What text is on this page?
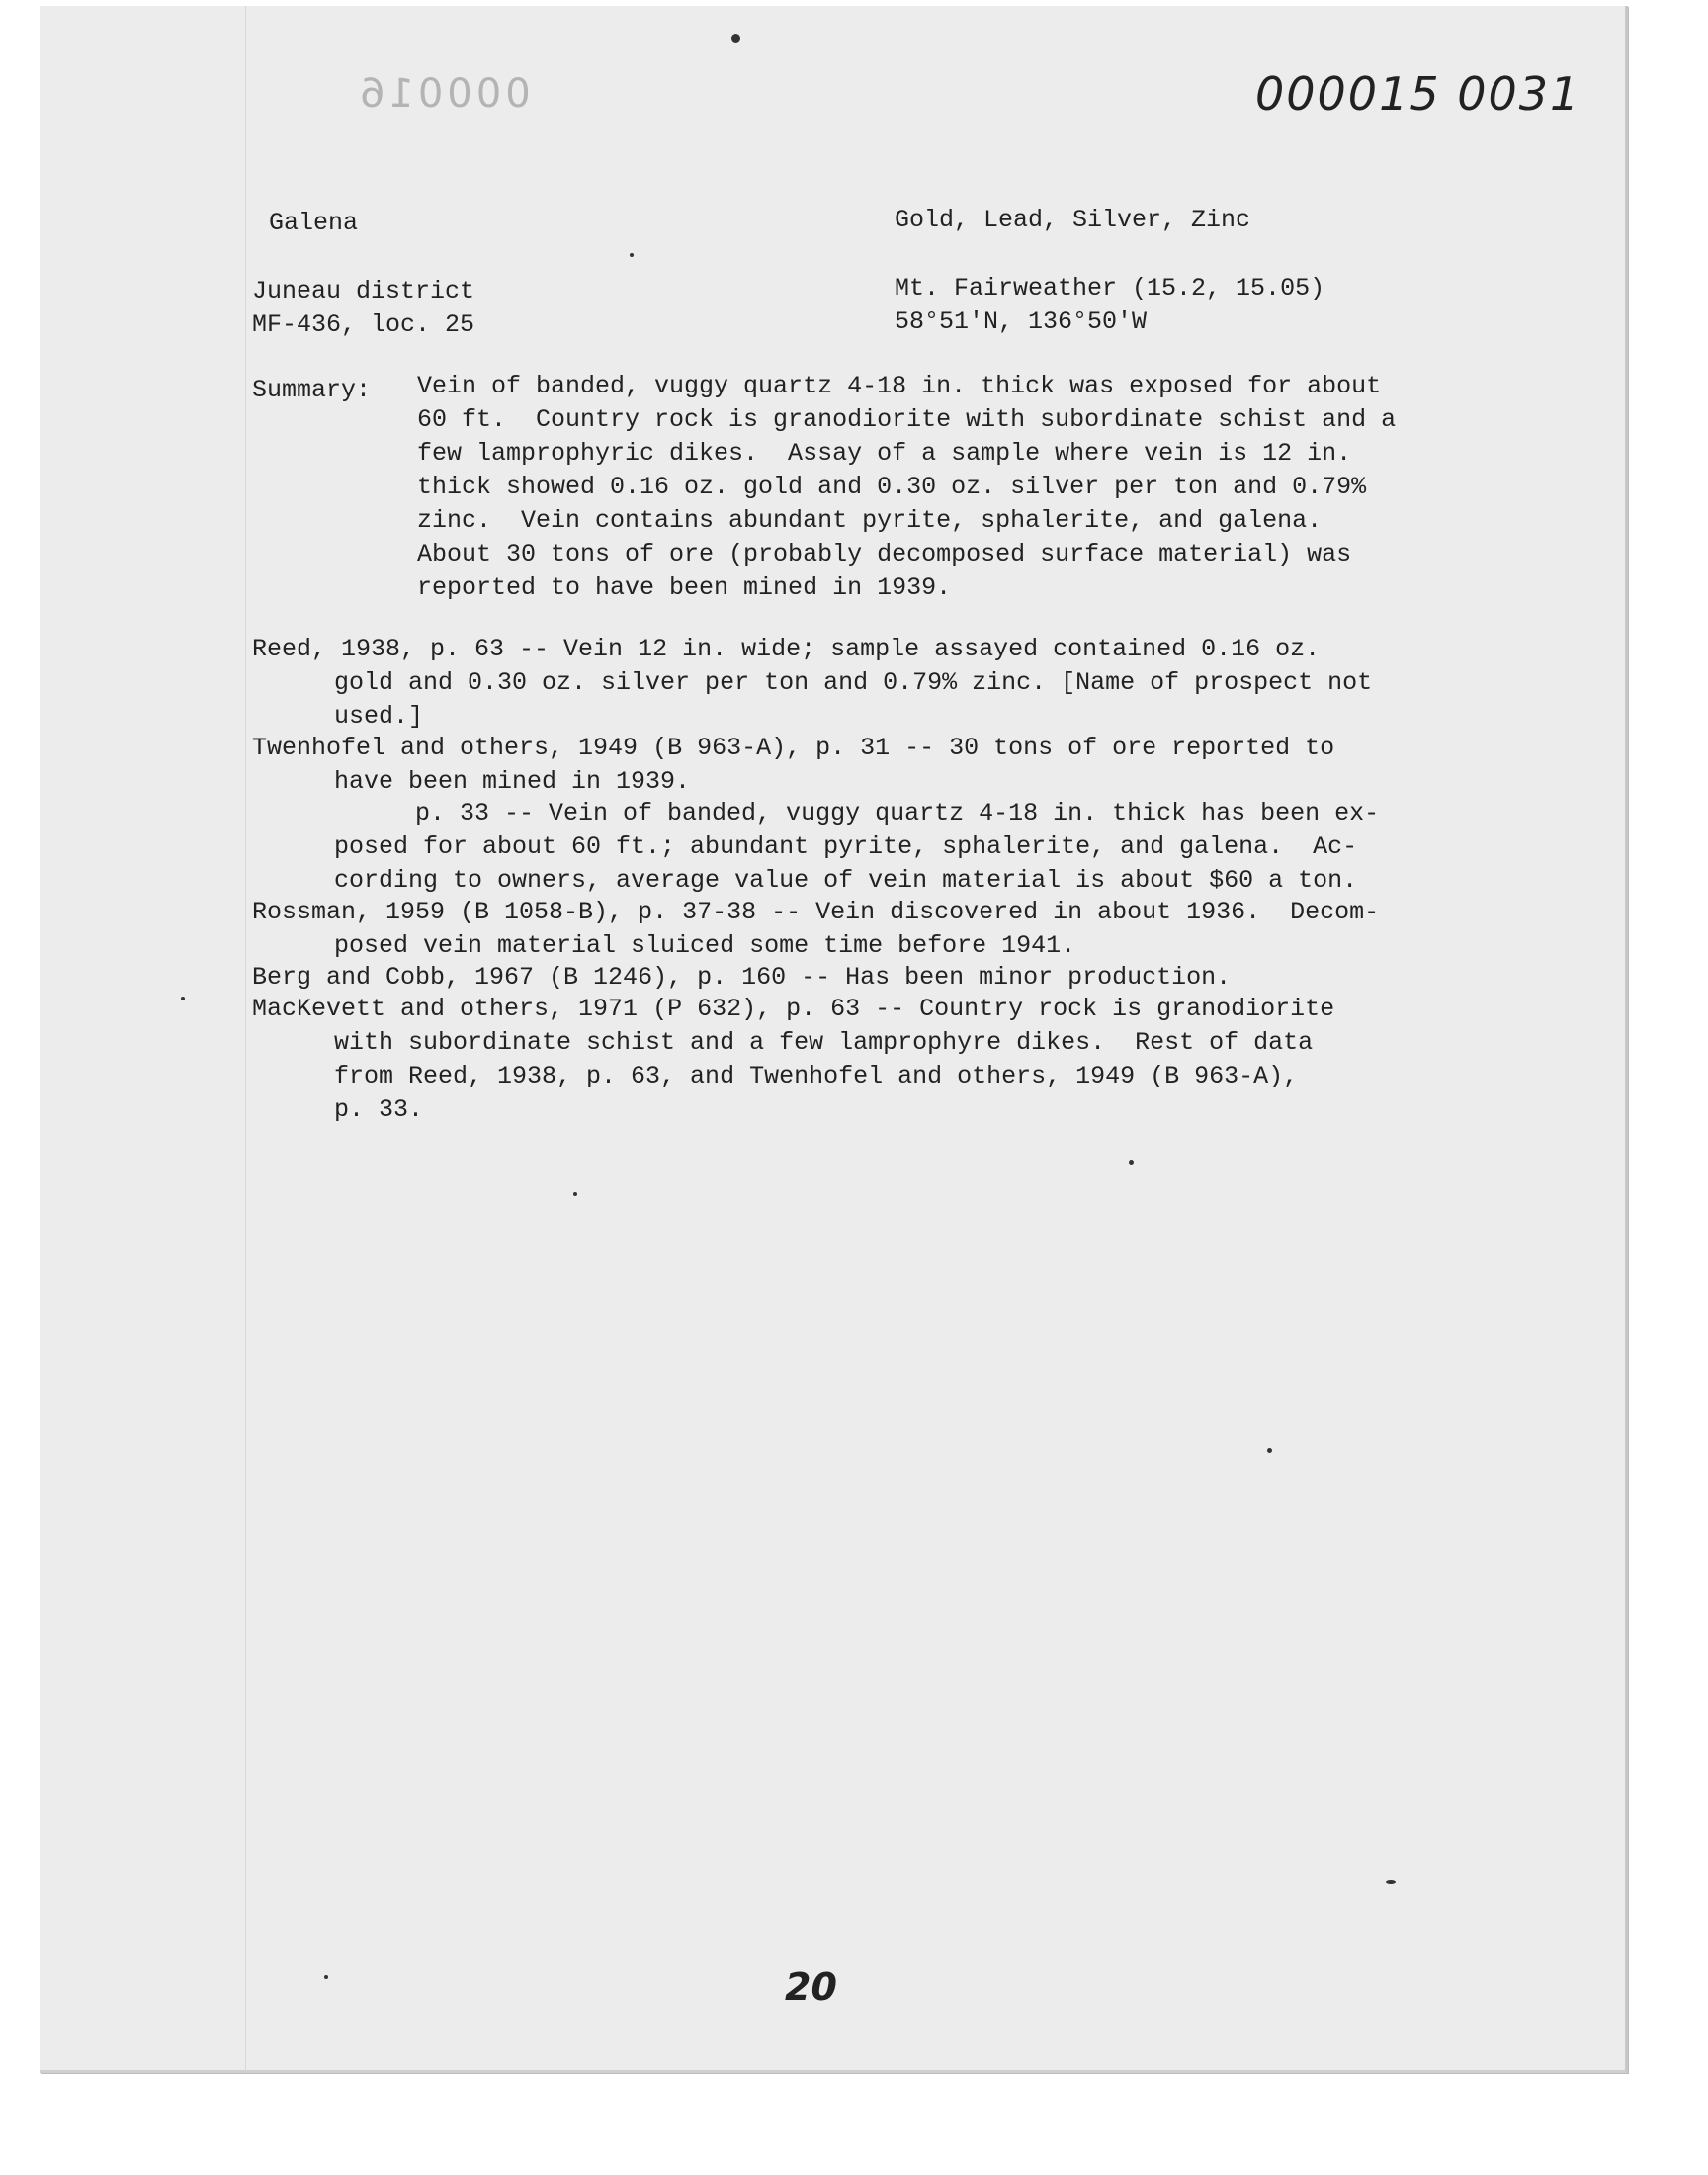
000016	000015 0031

Galena	Gold, Lead, Silver, Zinc

Juneau district

MF-436, loc. 25

Mt. Fairweather (15.2, 15.05)

58°51'N, 136°50'W

Summary: Vein of banded, vuggy quartz 4-18 in. thick was exposed for about

60 ft.  Country rock is granodiorite with subordinate schist and a

few lamprophyric dikes.  Assay of a sample where vein is 12 in.

thick showed 0.16 oz. gold and 0.30 oz. silver per ton and 0.79%

zinc.  Vein contains abundant pyrite, sphalerite, and galena.

About 30 tons of ore (probably decomposed surface material) was

reported to have been mined in 1939.

Reed, 1938, p. 63 -- Vein 12 in. wide; sample assayed contained 0.16 oz.

gold and 0.30 oz. silver per ton and 0.79% zinc. [Name of prospect not

used.]

Twenhofel and others, 1949 (B 963-A), p. 31 -- 30 tons of ore reported to

have been mined in 1939.

p. 33 -- Vein of banded, vuggy quartz 4-18 in. thick has been ex-

posed for about 60 ft.; abundant pyrite, sphalerite, and galena.  Ac-

cording to owners, average value of vein material is about $60 a ton.

Rossman, 1959 (B 1058-B), p. 37-38 -- Vein discovered in about 1936.  Decom-

posed vein material sluiced some time before 1941.

Berg and Cobb, 1967 (B 1246), p. 160 -- Has been minor production.

MacKevett and others, 1971 (P 632), p. 63 -- Country rock is granodiorite

with subordinate schist and a few lamprophyre dikes.  Rest of data

from Reed, 1938, p. 63, and Twenhofel and others, 1949 (B 963-A),

p. 33.

20
